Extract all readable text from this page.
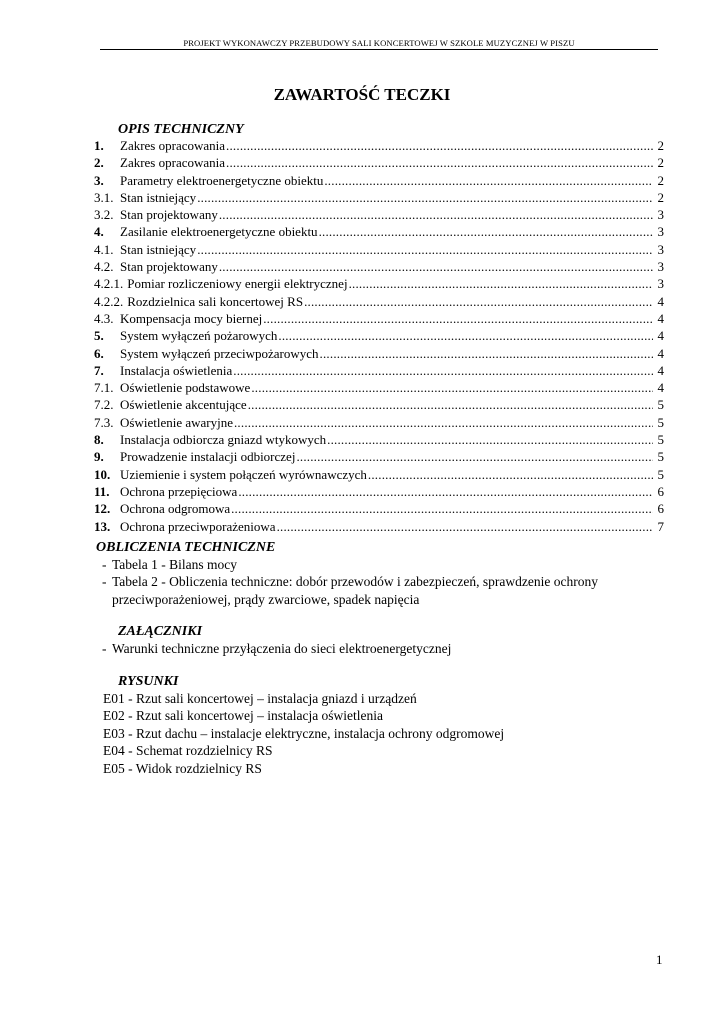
PROJEKT WYKONAWCZY PRZEBUDOWY SALI KONCERTOWEJ W SZKOLE MUZYCZNEJ W PISZU
ZAWARTOŚĆ TECZKI
OPIS TECHNICZNY
1.	Zakres opracowania .....	2
2.	Zakres opracowania .....	2
3.	Parametry elektroenergetyczne obiektu .....	2
3.1. Stan istniejący .....	2
3.2. Stan projektowany .....	3
4.	Zasilanie elektroenergetyczne obiektu .....	3
4.1. Stan istniejący .....	3
4.2. Stan projektowany .....	3
4.2.1. Pomiar rozliczeniowy energii elektrycznej .....	3
4.2.2. Rozdzielnica sali koncertowej RS .....	4
4.3. Kompensacja mocy biernej .....	4
5.	System wyłączeń pożarowych .....	4
6.	System wyłączeń przeciwpożarowych .....	4
7.	Instalacja oświetlenia .....	4
7.1. Oświetlenie podstawowe .....	4
7.2. Oświetlenie akcentujące .....	5
7.3. Oświetlenie awaryjne .....	5
8.	Instalacja odbiorcza gniazd wtykowych .....	5
9.	Prowadzenie instalacji odbiorczej .....	5
10. Uziemienie i system połączeń wyrównawczych .....	5
11. Ochrona przepięciowa .....	6
12. Ochrona odgromowa .....	6
13. Ochrona przeciwporażeniowa .....	7
OBLICZENIA TECHNICZNE
- Tabela 1 - Bilans mocy
- Tabela 2 - Obliczenia techniczne: dobór przewodów i zabezpieczeń, sprawdzenie ochrony przeciwporażeniowej, prądy zwarciowe, spadek napięcia
ZAŁĄCZNIKI
- Warunki techniczne przyłączenia do sieci elektroenergetycznej
RYSUNKI
E01 - Rzut sali koncertowej – instalacja gniazd i urządzeń
E02 - Rzut sali koncertowej – instalacja oświetlenia
E03 - Rzut dachu – instalacje elektryczne, instalacja ochrony odgromowej
E04 - Schemat rozdzielnicy RS
E05 - Widok rozdzielnicy RS
1
